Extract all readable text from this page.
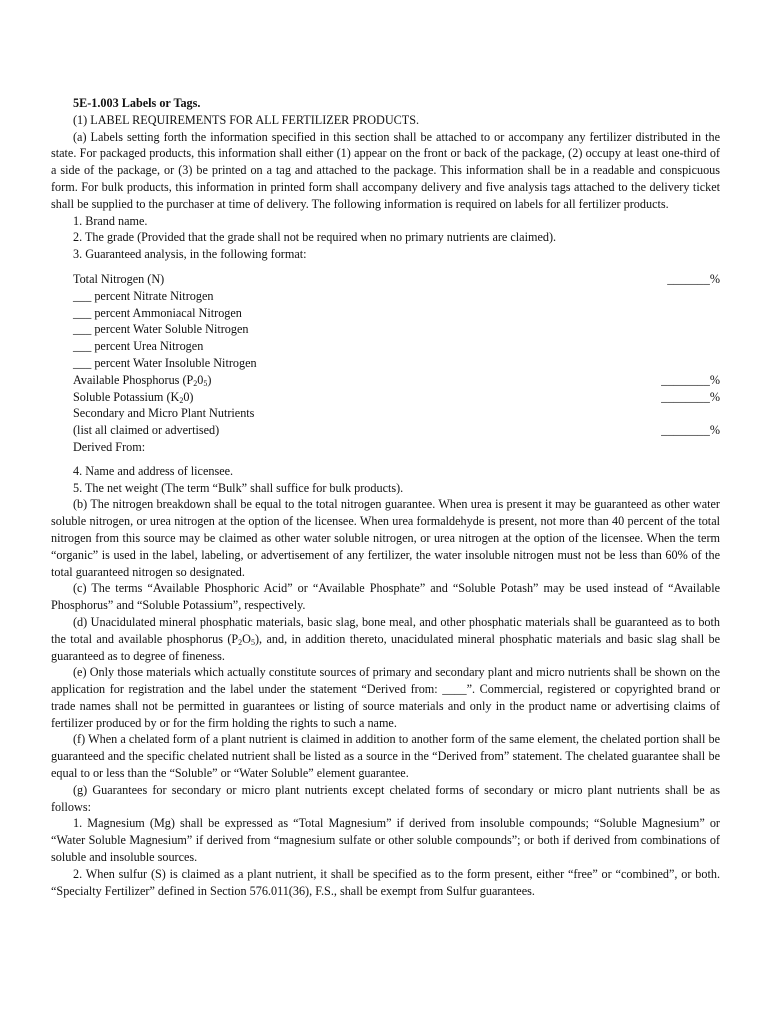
5E-1.003 Labels or Tags.

(1) LABEL REQUIREMENTS FOR ALL FERTILIZER PRODUCTS.

(a) Labels setting forth the information specified in this section shall be attached to or accompany any fertilizer distributed in the state. For packaged products, this information shall either (1) appear on the front or back of the package, (2) occupy at least one-third of a side of the package, or (3) be printed on a tag and attached to the package. This information shall be in a readable and conspicuous form. For bulk products, this information in printed form shall accompany delivery and five analysis tags attached to the delivery ticket shall be supplied to the purchaser at time of delivery. The following information is required on labels for all fertilizer products.

1. Brand name.

2. The grade (Provided that the grade shall not be required when no primary nutrients are claimed).

3. Guaranteed analysis, in the following format:

Total Nitrogen (N)	_______%
___ percent Nitrate Nitrogen
___ percent Ammoniacal Nitrogen
___ percent Water Soluble Nitrogen
___ percent Urea Nitrogen
___ percent Water Insoluble Nitrogen
Available Phosphorus $(P_20_5)$	________%
Soluble Potassium $(K_20)$	________%
Secondary and Micro Plant Nutrients
(list all claimed or advertised)	________%
Derived From:

4. Name and address of licensee.

5. The net weight (The term “Bulk” shall suffice for bulk products).

(b) The nitrogen breakdown shall be equal to the total nitrogen guarantee. When urea is present it may be guaranteed as other water soluble nitrogen, or urea nitrogen at the option of the licensee. When urea formaldehyde is present, not more than 40 percent of the total nitrogen from this source may be claimed as other water soluble nitrogen, or urea nitrogen at the option of the licensee. When the term “organic” is used in the label, labeling, or advertisement of any fertilizer, the water insoluble nitrogen must not be less than 60% of the total guaranteed nitrogen so designated.

(c) The terms “Available Phosphoric Acid” or “Available Phosphate” and “Soluble Potash” may be used instead of “Available Phosphorus” and “Soluble Potassium”, respectively.

(d) Unacidulated mineral phosphatic materials, basic slag, bone meal, and other phosphatic materials shall be guaranteed as to both the total and available phosphorus $(P_2O_5)$, and, in addition thereto, unacidulated mineral phosphatic materials and basic slag shall be guaranteed as to degree of fineness.

(e) Only those materials which actually constitute sources of primary and secondary plant and micro nutrients shall be shown on the application for registration and the label under the statement “Derived from: ____”. Commercial, registered or copyrighted brand or trade names shall not be permitted in guarantees or listing of source materials and only in the product name or advertising claims of fertilizer produced by or for the firm holding the rights to such a name.

(f) When a chelated form of a plant nutrient is claimed in addition to another form of the same element, the chelated portion shall be guaranteed and the specific chelated nutrient shall be listed as a source in the “Derived from” statement. The chelated guarantee shall be equal to or less than the “Soluble” or “Water Soluble” element guarantee.

(g) Guarantees for secondary or micro plant nutrients except chelated forms of secondary or micro plant nutrients shall be as follows:

1. Magnesium (Mg) shall be expressed as “Total Magnesium” if derived from insoluble compounds; “Soluble Magnesium” or “Water Soluble Magnesium” if derived from “magnesium sulfate or other soluble compounds”; or both if derived from combinations of soluble and insoluble sources.

2. When sulfur (S) is claimed as a plant nutrient, it shall be specified as to the form present, either “free” or “combined”, or both. “Specialty Fertilizer” defined in Section 576.011(36), F.S., shall be exempt from Sulfur guarantees.
